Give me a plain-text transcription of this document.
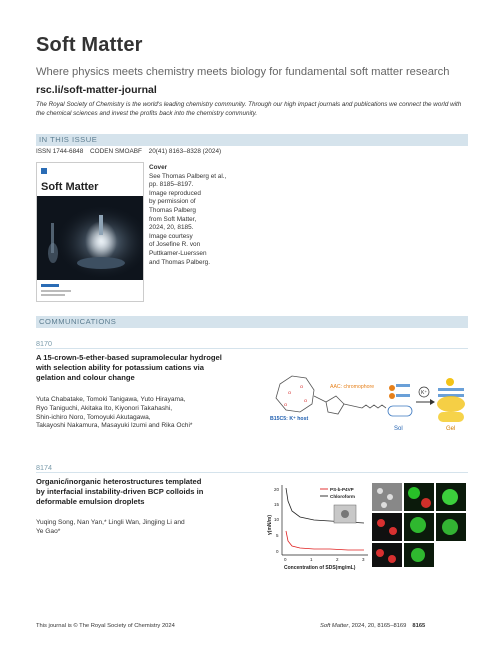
Soft Matter
Where physics meets chemistry meets biology for fundamental soft matter research
rsc.li/soft-matter-journal
The Royal Society of Chemistry is the world's leading chemistry community. Through our high impact journals and publications we connect the world with the chemical sciences and invest the profits back into the chemistry community.
IN THIS ISSUE
ISSN 1744-6848 CODEN SMOABF 20(41) 8163–8328 (2024)
Soft Matter
Cover
See Thomas Palberg et al.,
pp. 8185–8197.
Image reproduced
by permission of
Thomas Palberg
from Soft Matter,
2024, 20, 8185.
Image courtesy
of Josefine R. von
Puttkamer-Luerssen
and Thomas Palberg.
COMMUNICATIONS
8170
A 15-crown-5-ether-based supramolecular hydrogel
with selection ability for potassium cations via
gelation and colour change
Yuta Chabatake, Tomoki Tanigawa, Yuto Hirayama,
Ryo Taniguchi, Akitaka Ito, Kiyonori Takahashi,
Shin-ichiro Noro, Tomoyuki Akutagawa,
Takayoshi Nakamura, Masayuki Izumi and Rika Ochi*
O
O
O
O
AAC: chromophore
B15C5: K⁺ host
Sol
K⁺
Gel
8174
Organic/inorganic heterostructures templated
by interfacial instability-driven BCP colloids in
deformable emulsion droplets
Yuqing Song, Nan Yan,* Lingli Wan, Jingjing Li and
Ye Gao*
20
15
10
5
0
0	1	2	3
Concentration of SDS(mg/mL)
γ(mN/m)
PS-b-P4VP
Chloroform
This journal is © The Royal Society of Chemistry 2024	Soft Matter, 2024, 20, 8165–8169 8165
